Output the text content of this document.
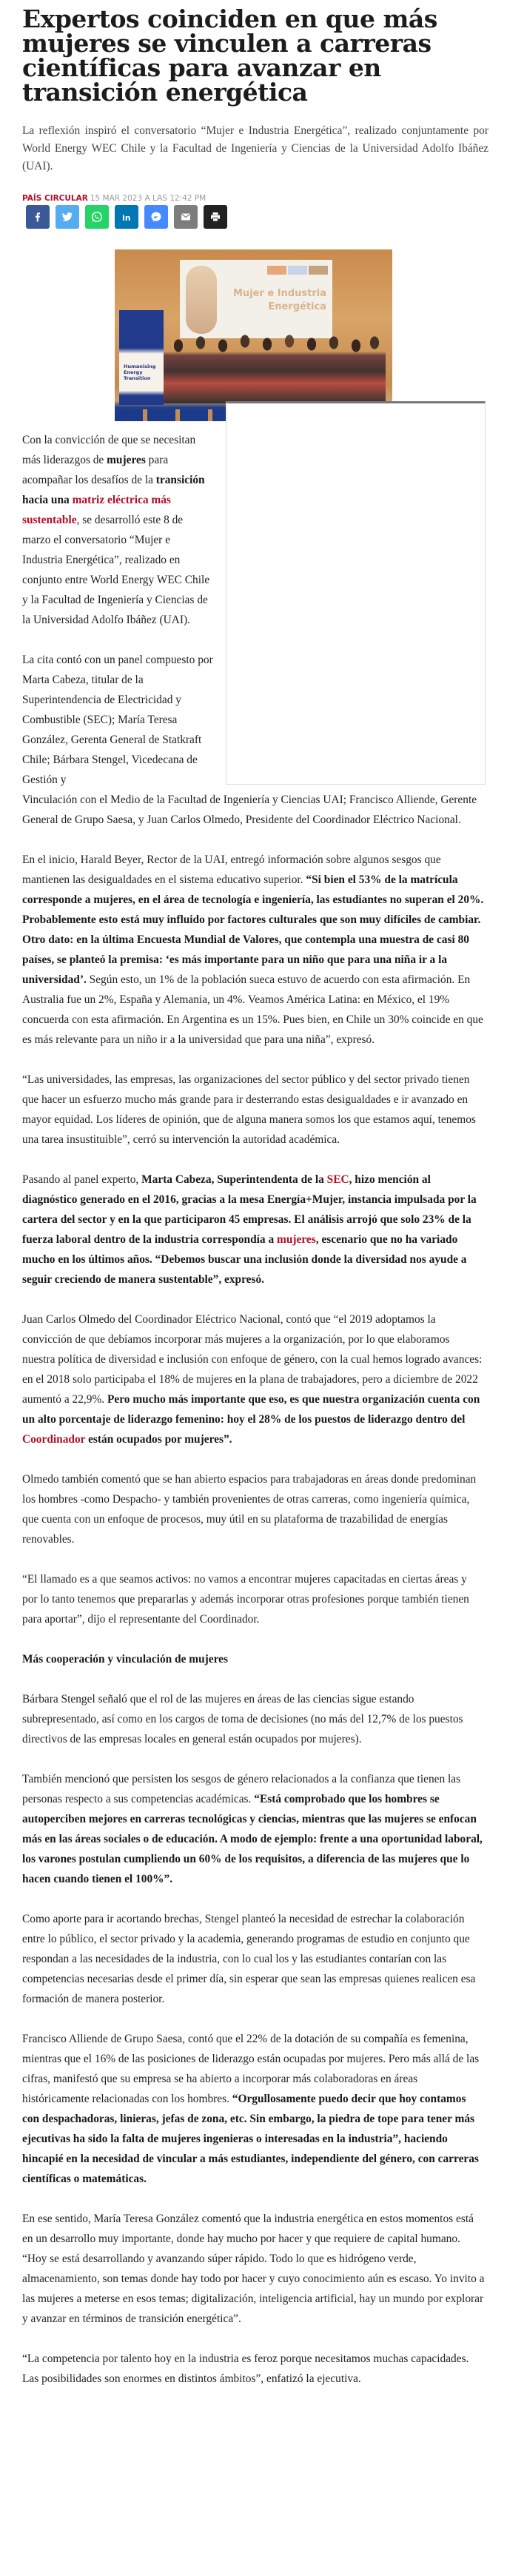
Expertos coinciden en que más mujeres se vinculen a carreras científicas para avanzar en transición energética

La reflexión inspiró el conversatorio “Mujer e Industria Energética”, realizado conjuntamente por World Energy WEC Chile y la Facultad de Ingeniería y Ciencias de la Universidad Adolfo Ibáñez (UAI).

PAÍS CIRCULAR 15 MAR 2023 A LAS 12:42 PM
in
Mujer e Industria
Energética
Humanising Energy Transition

Con la convicción de que se necesitan más liderazgos de mujeres para acompañar los desafíos de la transición hacia una matriz eléctrica más sustentable, se desarrolló este 8 de marzo el conversatorio “Mujer e Industria Energética”, realizado en conjunto entre World Energy WEC Chile y la Facultad de Ingeniería y Ciencias de la Universidad Adolfo Ibáñez (UAI).

La cita contó con un panel compuesto por Marta Cabeza, titular de la Superintendencia de Electricidad y Combustible (SEC); María Teresa González, Gerenta General de Statkraft Chile; Bárbara Stengel, Vicedecana de Gestión y

Vinculación con el Medio de la Facultad de Ingeniería y Ciencias UAI; Francisco Alliende, Gerente General de Grupo Saesa, y Juan Carlos Olmedo, Presidente del Coordinador Eléctrico Nacional.

En el inicio, Harald Beyer, Rector de la UAI, entregó información sobre algunos sesgos que mantienen las desigualdades en el sistema educativo superior. “Si bien el 53% de la matrícula corresponde a mujeres, en el área de tecnología e ingeniería, las estudiantes no superan el 20%. Probablemente esto está muy influido por factores culturales que son muy difíciles de cambiar. Otro dato: en la última Encuesta Mundial de Valores, que contempla una muestra de casi 80 países, se planteó la premisa: ‘es más importante para un niño que para una niña ir a la universidad’. Según esto, un 1% de la población sueca estuvo de acuerdo con esta afirmación. En Australia fue un 2%, España y Alemania, un 4%. Veamos América Latina: en México, el 19% concuerda con esta afirmación. En Argentina es un 15%. Pues bien, en Chile un 30% coincide en que es más relevante para un niño ir a la universidad que para una niña”, expresó.

“Las universidades, las empresas, las organizaciones del sector público y del sector privado tienen que hacer un esfuerzo mucho más grande para ir desterrando estas desigualdades e ir avanzado en mayor equidad. Los líderes de opinión, que de alguna manera somos los que estamos aquí, tenemos una tarea insustituible”, cerró su intervención la autoridad académica.

Pasando al panel experto, Marta Cabeza, Superintendenta de la SEC, hizo mención al diagnóstico generado en el 2016, gracias a la mesa Energía+Mujer, instancia impulsada por la cartera del sector y en la que participaron 45 empresas. El análisis arrojó que solo 23% de la fuerza laboral dentro de la industria correspondía a mujeres, escenario que no ha variado mucho en los últimos años. “Debemos buscar una inclusión donde la diversidad nos ayude a seguir creciendo de manera sustentable”, expresó.

Juan Carlos Olmedo del Coordinador Eléctrico Nacional, contó que “el 2019 adoptamos la convicción de que debíamos incorporar más mujeres a la organización, por lo que elaboramos nuestra política de diversidad e inclusión con enfoque de género, con la cual hemos logrado avances: en el 2018 solo participaba el 18% de mujeres en la plana de trabajadores, pero a diciembre de 2022 aumentó a 22,9%. Pero mucho más importante que eso, es que nuestra organización cuenta con un alto porcentaje de liderazgo femenino: hoy el 28% de los puestos de liderazgo dentro del Coordinador están ocupados por mujeres”.

Olmedo también comentó que se han abierto espacios para trabajadoras en áreas donde predominan los hombres -como Despacho- y también provenientes de otras carreras, como ingeniería química, que cuenta con un enfoque de procesos, muy útil en su plataforma de trazabilidad de energías renovables.

“El llamado es a que seamos activos: no vamos a encontrar mujeres capacitadas en ciertas áreas y por lo tanto tenemos que prepararlas y además incorporar otras profesiones porque también tienen para aportar”, dijo el representante del Coordinador.

Más cooperación y vinculación de mujeres

Bárbara Stengel señaló que el rol de las mujeres en áreas de las ciencias sigue estando subrepresentado, así como en los cargos de toma de decisiones (no más del 12,7% de los puestos directivos de las empresas locales en general están ocupados por mujeres).

También mencionó que persisten los sesgos de género relacionados a la confianza que tienen las personas respecto a sus competencias académicas. “Está comprobado que los hombres se autoperciben mejores en carreras tecnológicas y ciencias, mientras que las mujeres se enfocan más en las áreas sociales o de educación. A modo de ejemplo: frente a una oportunidad laboral, los varones postulan cumpliendo un 60% de los requisitos, a diferencia de las mujeres que lo hacen cuando tienen el 100%”.

Como aporte para ir acortando brechas, Stengel planteó la necesidad de estrechar la colaboración entre lo público, el sector privado y la academia, generando programas de estudio en conjunto que respondan a las necesidades de la industria, con lo cual los y las estudiantes contarían con las competencias necesarias desde el primer día, sin esperar que sean las empresas quienes realicen esa formación de manera posterior.

Francisco Alliende de Grupo Saesa, contó que el 22% de la dotación de su compañía es femenina, mientras que el 16% de las posiciones de liderazgo están ocupadas por mujeres. Pero más allá de las cifras, manifestó que su empresa se ha abierto a incorporar más colaboradoras en áreas históricamente relacionadas con los hombres. “Orgullosamente puedo decir que hoy contamos con despachadoras, linieras, jefas de zona, etc. Sin embargo, la piedra de tope para tener más ejecutivas ha sido la falta de mujeres ingenieras o interesadas en la industria”, haciendo hincapié en la necesidad de vincular a más estudiantes, independiente del género, con carreras científicas o matemáticas.

En ese sentido, María Teresa González comentó que la industria energética en estos momentos está en un desarrollo muy importante, donde hay mucho por hacer y que requiere de capital humano. “Hoy se está desarrollando y avanzando súper rápido. Todo lo que es hidrógeno verde, almacenamiento, son temas donde hay todo por hacer y cuyo conocimiento aún es escaso. Yo invito a las mujeres a meterse en esos temas; digitalización, inteligencia artificial, hay un mundo por explorar y avanzar en términos de transición energética”.

“La competencia por talento hoy en la industria es feroz porque necesitamos muchas capacidades. Las posibilidades son enormes en distintos ámbitos”, enfatizó la ejecutiva.
